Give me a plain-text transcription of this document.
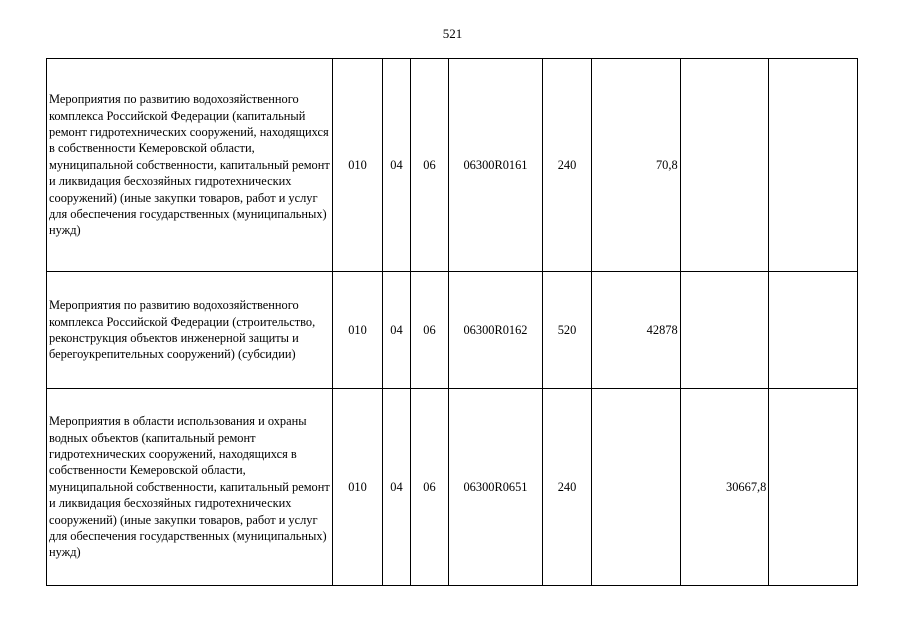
521
Мероприятия по развитию водохозяйственного комплекса Российской Федерации (капитальный ремонт гидротехнических сооружений, находящихся в собственности Кемеровской области, муниципальной собственности, капитальный ремонт и ликвидация бесхозяйных гидротехнических сооружений) (иные закупки товаров, работ и услуг для обеспечения государственных (муниципальных) нужд)	010	04	06	06300R0161	240	70,8		
Мероприятия по развитию водохозяйственного комплекса Российской Федерации (строительство, реконструкция объектов инженерной защиты и берегоукрепительных сооружений) (субсидии)	010	04	06	06300R0162	520	42878		
Мероприятия в области использования и охраны водных объектов (капитальный ремонт гидротехнических сооружений, находящихся в собственности Кемеровской области, муниципальной собственности, капитальный ремонт и ликвидация бесхозяйных гидротехнических сооружений) (иные закупки товаров, работ и услуг для обеспечения государственных (муниципальных) нужд)	010	04	06	06300R0651	240		30667,8	
